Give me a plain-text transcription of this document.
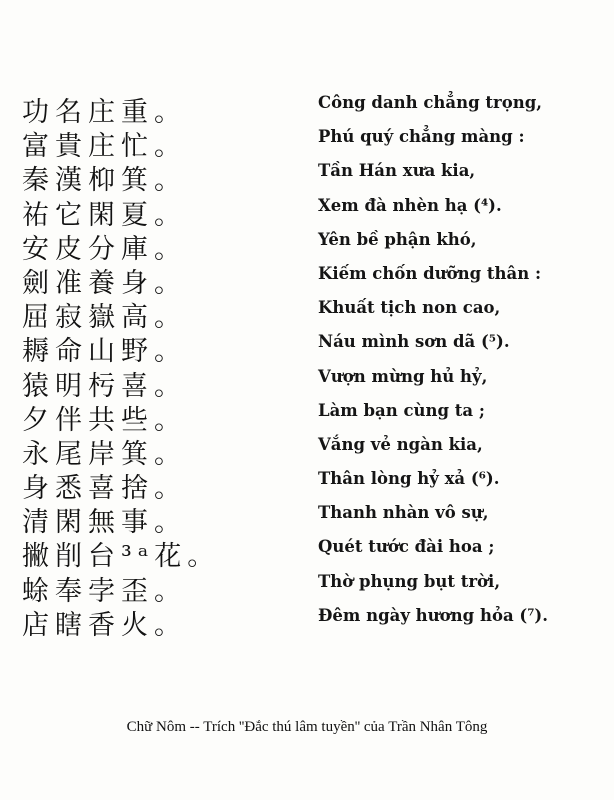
功名庄重。
富貴庄忙。
秦漢枊箕。
祐它閑夏。
安皮分庫。
劍准養身。
屈寂嶽高。
耨命山野。
猿明杇喜。
夕伴共些。
永尾岸箕。
身悉喜捨。
清閑無事。
撇削台³ᵃ花。
蜍奉孛歪。
店瞎香火。
Công danh chẳng trọng,
Phú quý chẳng màng :
Tần Hán xưa kia,
Xem đà nhèn hạ (⁴).
Yên bề phận khó,
Kiếm chốn dưỡng thân :
Khuất tịch non cao,
Náu mình sơn dã (⁵).
Vượn mừng hủ hỷ,
Làm bạn cùng ta ;
Vắng vẻ ngàn kia,
Thân lòng hỷ xả (⁶).
Thanh nhàn vô sự,
Quét tước đài hoa ;
Thờ phụng bụt trời,
Đêm ngày hương hỏa (⁷).
Chữ Nôm -- Trích ''Đắc thú lâm tuyền'' của Trần Nhân Tông
